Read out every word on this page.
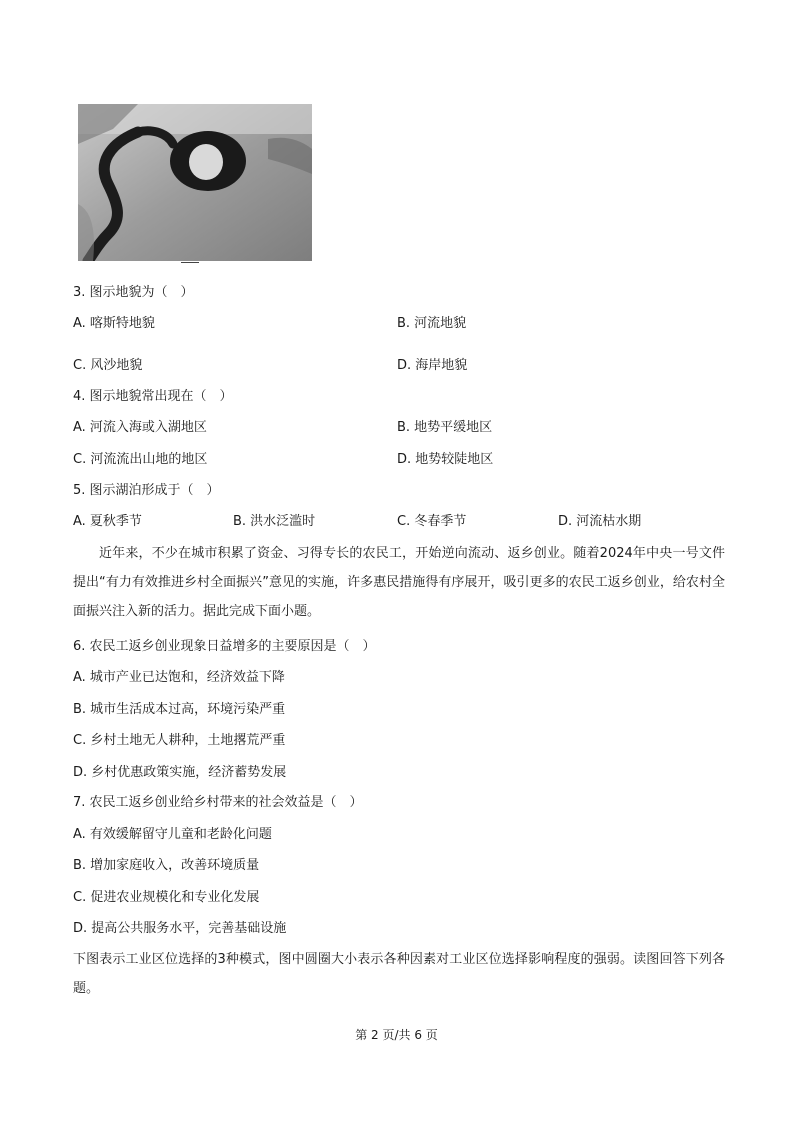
3. 图示地貌为（　）
A. 喀斯特地貌	B. 河流地貌
C. 风沙地貌	D. 海岸地貌
4. 图示地貌常出现在（　）
A. 河流入海或入湖地区	B. 地势平缓地区
C. 河流流出山地的地区	D. 地势较陡地区
5. 图示湖泊形成于（　）
A. 夏秋季节	B. 洪水泛滥时	C. 冬春季节	D. 河流枯水期
近年来，不少在城市积累了资金、习得专长的农民工，开始逆向流动、返乡创业。随着2024年中央一号文件提出“有力有效推进乡村全面振兴”意见的实施，许多惠民措施得有序展开，吸引更多的农民工返乡创业，给农村全面振兴注入新的活力。据此完成下面小题。
6. 农民工返乡创业现象日益增多的主要原因是（　）
A. 城市产业已达饱和，经济效益下降
B. 城市生活成本过高，环境污染严重
C. 乡村土地无人耕种，土地撂荒严重
D. 乡村优惠政策实施，经济蓄势发展
7. 农民工返乡创业给乡村带来的社会效益是（　）
A. 有效缓解留守儿童和老龄化问题
B. 增加家庭收入，改善环境质量
C. 促进农业规模化和专业化发展
D. 提高公共服务水平，完善基础设施
下图表示工业区位选择的3种模式，图中圆圈大小表示各种因素对工业区位选择影响程度的强弱。读图回答下列各题。
第 2 页/共 6 页
